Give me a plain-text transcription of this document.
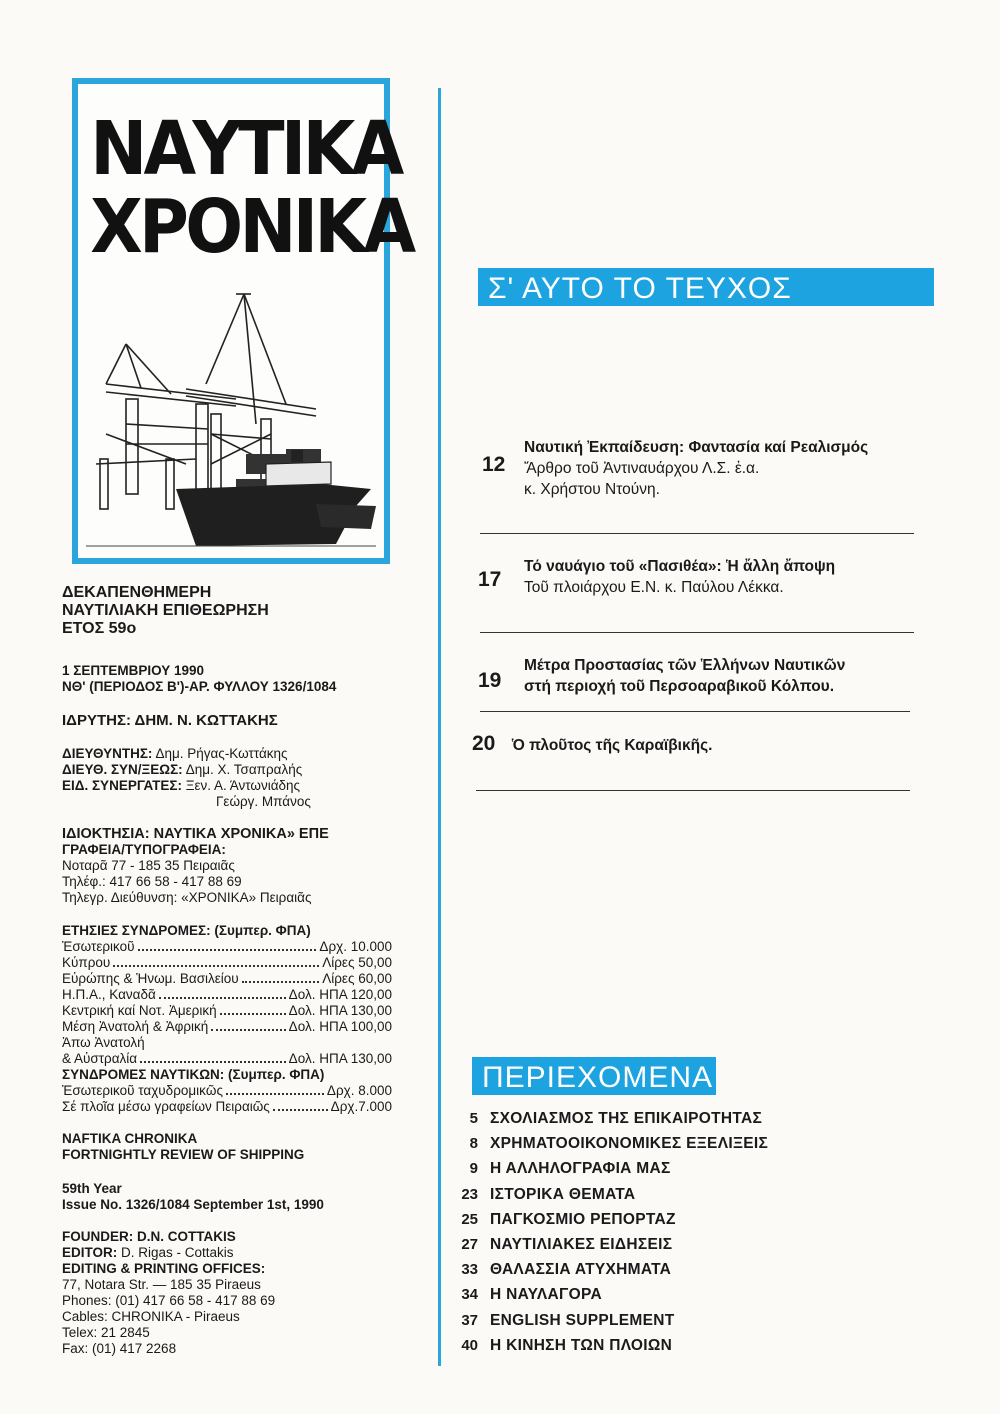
ΝΑΥΤΙΚΑ
ΧΡΟΝΙΚΑ
ΔΕΚΑΠΕΝΘΗΜΕΡΗ
ΝΑΥΤΙΛΙΑΚΗ ΕΠΙΘΕΩΡΗΣΗ
ΕΤΟΣ 59ο
1 ΣΕΠΤΕΜΒΡΙΟΥ 1990
ΝΘ' (ΠΕΡΙΟΔΟΣ Β')-ΑΡ. ΦΥΛΛΟΥ 1326/1084
ΙΔΡΥΤΗΣ: ΔΗΜ. Ν. ΚΩΤΤΑΚΗΣ
ΔΙΕΥΘΥΝΤΗΣ: Δημ. Ρήγας-Κωττάκης
ΔΙΕΥΘ. ΣΥΝ/ΞΕΩΣ: Δημ. Χ. Τσαπραλής
ΕΙΔ. ΣΥΝΕΡΓΑΤΕΣ: Ξεν. Α. Άντωνιάδης
Γεώργ. Μπάνος
ΙΔΙΟΚΤΗΣΙΑ: ΝΑΥΤΙΚΑ ΧΡΟΝΙΚΑ» ΕΠΕ
ΓΡΑΦΕΙΑ/ΤΥΠΟΓΡΑΦΕΙΑ:
Νοταρᾶ 77 - 185 35 Πειραιᾶς
Τηλέφ.: 417 66 58 - 417 88 69
Τηλεγρ. Διεύθυνση: «ΧΡΟΝΙΚΑ» Πειραιᾶς
ΕΤΗΣΙΕΣ ΣΥΝΔΡΟΜΕΣ: (Συμπερ. ΦΠΑ)
Ἐσωτερικοῦ	Δρχ. 10.000
Κύπρου	Λίρες 50,00
Εὐρώπης & Ἡνωμ. Βασιλείου	Λίρες 60,00
Η.Π.Α., Καναδᾶ	Δολ. ΗΠΑ 120,00
Κεντρική καί Νοτ. Ἀμερική	Δολ. ΗΠΑ 130,00
Μέση Ἀνατολή & Ἀφρική	Δολ. ΗΠΑ 100,00
Ἀπω Ἀνατολή
& Αὐστραλία	Δολ. ΗΠΑ 130,00
ΣΥΝΔΡΟΜΕΣ ΝΑΥΤΙΚΩΝ: (Συμπερ. ΦΠΑ)
Ἐσωτερικοῦ ταχυδρομικῶς	Δρχ. 8.000
Σέ πλοῖα μέσω γραφείων Πειραιῶς	Δρχ.7.000
NAFTIKA CHRONIKA
FORTNIGHTLY REVIEW OF SHIPPING
59th Year
Issue No. 1326/1084 September 1st, 1990
FOUNDER: D.N. COTTAKIS
EDITOR: D. Rigas - Cottakis
EDITING & PRINTING OFFICES:
77, Notara Str. — 185 35 Piraeus
Phones: (01) 417 66 58 - 417 88 69
Cables: CHRONIKA - Piraeus
Telex: 21 2845
Fax: (01) 417 2268
Σ' ΑΥΤΟ ΤΟ ΤΕΥΧΟΣ
12
Ναυτική Ἐκπαίδευση: Φαντασία καί Ρεαλισμός
Ἄρθρο τοῦ Ἀντιναυάρχου Λ.Σ. ἐ.α.
κ. Χρήστου Ντούνη.
17
Τό ναυάγιο τοῦ «Πασιθέα»: Ἡ ἄλλη ἄποψη
Τοῦ πλοιάρχου Ε.Ν. κ. Παύλου Λέκκα.
19
Μέτρα Προστασίας τῶν Ἑλλήνων Ναυτικῶν
στή περιοχή τοῦ Περσοαραβικοῦ Κόλπου.
20 Ὁ πλοῦτος τῆς Καραϊβικῆς.
ΠΕΡΙΕΧΟΜΕΝΑ
5 ΣΧΟΛΙΑΣΜΟΣ ΤΗΣ ΕΠΙΚΑΙΡΟΤΗΤΑΣ
8 ΧΡΗΜΑΤΟΟΙΚΟΝΟΜΙΚΕΣ ΕΞΕΛΙΞΕΙΣ
9 Η ΑΛΛΗΛΟΓΡΑΦΙΑ ΜΑΣ
23 ΙΣΤΟΡΙΚΑ ΘΕΜΑΤΑ
25 ΠΑΓΚΟΣΜΙΟ ΡΕΠΟΡΤΑΖ
27 ΝΑΥΤΙΛΙΑΚΕΣ ΕΙΔΗΣΕΙΣ
33 ΘΑΛΑΣΣΙΑ ΑΤΥΧΗΜΑΤΑ
34 Η ΝΑΥΛΑΓΟΡΑ
37 ENGLISH SUPPLEMENT
40 Η ΚΙΝΗΣΗ ΤΩΝ ΠΛΟΙΩΝ
